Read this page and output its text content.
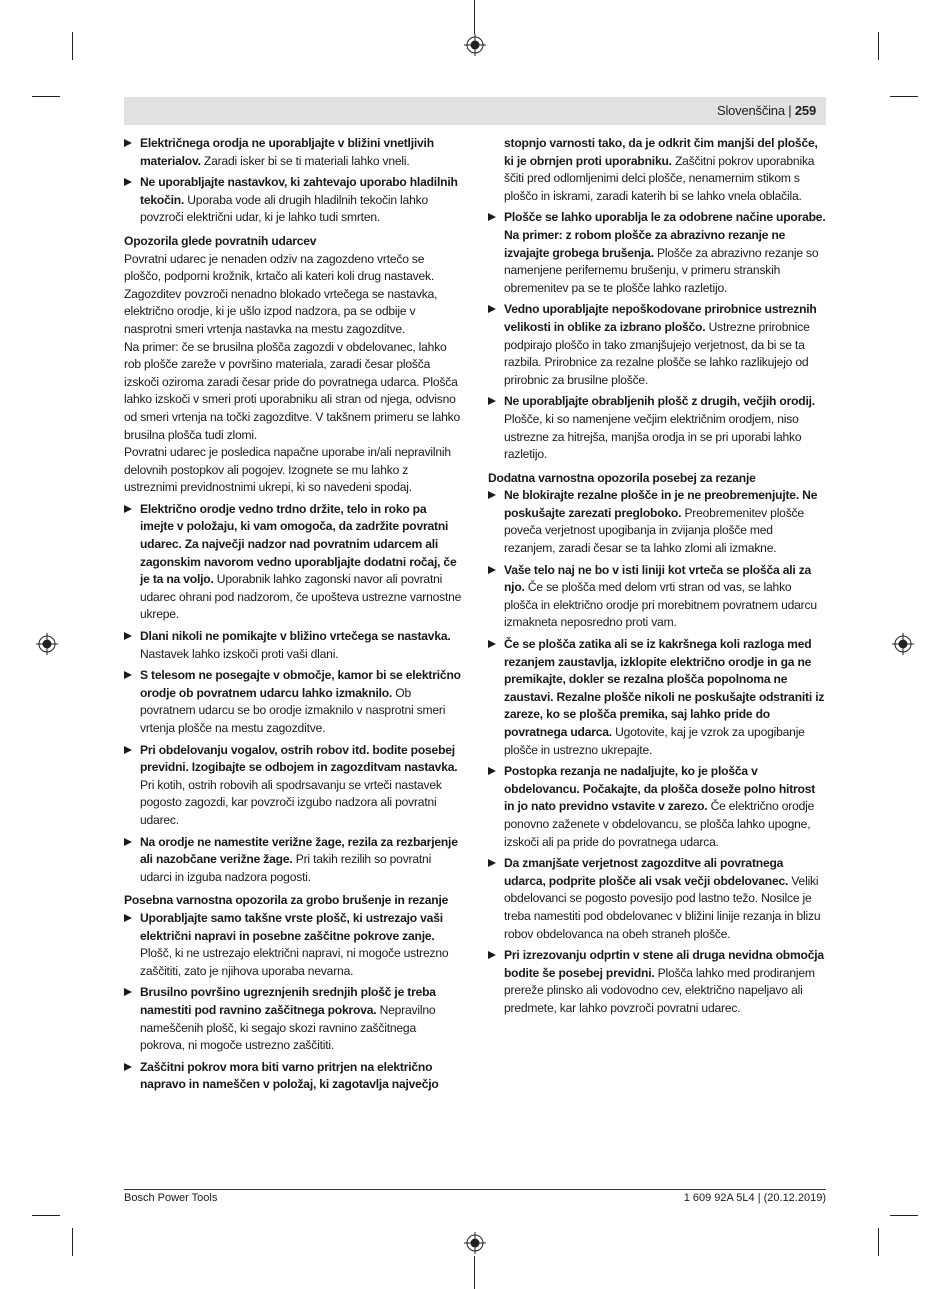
Slovenščina | 259
Električnega orodja ne uporabljajte v bližini vnetljivih materialov. Zaradi isker bi se ti materiali lahko vneli.
Ne uporabljajte nastavkov, ki zahtevajo uporabo hladilnih tekočin. Uporaba vode ali drugih hladilnih tekočin lahko povzroči električni udar, ki je lahko tudi smrten.

Opozorila glede povratnih udarcev

Povratni udarec je nenaden odziv na zagozdeno vrtečo se ploščo, podporni krožnik, krtačo ali kateri koli drug nastavek. Zagozditev povzroči nenadno blokado vrtečega se nastavka, električno orodje, ki je ušlo izpod nadzora, pa se odbije v nasprotni smeri vrtenja nastavka na mestu zagozditve.

Na primer: če se brusilna plošča zagozdi v obdelovanec, lahko rob plošče zareže v površino materiala, zaradi česar plošča izskoči oziroma zaradi česar pride do povratnega udarca. Plošča lahko izskoči v smeri proti uporabniku ali stran od njega, odvisno od smeri vrtenja na točki zagozditve. V takšnem primeru se lahko brusilna plošča tudi zlomi.

Povratni udarec je posledica napačne uporabe in/ali nepravilnih delovnih postopkov ali pogojev. Izognete se mu lahko z ustreznimi previdnostnimi ukrepi, ki so navedeni spodaj.

Električno orodje vedno trdno držite, telo in roko pa imejte v položaju, ki vam omogoča, da zadržite povratni udarec. Za največji nadzor nad povratnim udarcem ali zagonskim navorom vedno uporabljajte dodatni ročaj, če je ta na voljo. Uporabnik lahko zagonski navor ali povratni udarec ohrani pod nadzorom, če upošteva ustrezne varnostne ukrepe.
Dlani nikoli ne pomikajte v bližino vrtečega se nastavka. Nastavek lahko izskoči proti vaši dlani.
S telesom ne posegajte v območje, kamor bi se električno orodje ob povratnem udarcu lahko izmaknilo. Ob povratnem udarcu se bo orodje izmaknilo v nasprotni smeri vrtenja plošče na mestu zagozditve.
Pri obdelovanju vogalov, ostrih robov itd. bodite posebej previdni. Izogibajte se odbojem in zagozditvam nastavka. Pri kotih, ostrih robovih ali spodrsavanju se vrteči nastavek pogosto zagozdi, kar povzroči izgubo nadzora ali povratni udarec.
Na orodje ne namestite verižne žage, rezila za rezbarjenje ali nazobčane verižne žage. Pri takih rezilih so povratni udarci in izguba nadzora pogosti.

Posebna varnostna opozorila za grobo brušenje in rezanje

Uporabljajte samo takšne vrste plošč, ki ustrezajo vaši električni napravi in posebne zaščitne pokrove zanje. Plošč, ki ne ustrezajo električni napravi, ni mogoče ustrezno zaščititi, zato je njihova uporaba nevarna.
Brusilno površino ugreznjenih srednjih plošč je treba namestiti pod ravnino zaščitnega pokrova. Nepravilno nameščenih plošč, ki segajo skozi ravnino zaščitnega pokrova, ni mogoče ustrezno zaščititi.
Zaščitni pokrov mora biti varno pritrjen na električno napravo in nameščen v položaj, ki zagotavlja največjo

stopnjo varnosti tako, da je odkrit čim manjši del plošče, ki je obrnjen proti uporabniku. Zaščitni pokrov uporabnika ščiti pred odlomljenimi delci plošče, nenamernim stikom s ploščo in iskrami, zaradi katerih bi se lahko vnela oblačila.

Plošče se lahko uporablja le za odobrene načine uporabe. Na primer: z robom plošče za abrazivno rezanje ne izvajajte grobega brušenja. Plošče za abrazivno rezanje so namenjene perifernemu brušenju, v primeru stranskih obremenitev pa se te plošče lahko razletijo.
Vedno uporabljajte nepoškodovane prirobnice ustreznih velikosti in oblike za izbrano ploščo. Ustrezne prirobnice podpirajo ploščo in tako zmanjšujejo verjetnost, da bi se ta razbila. Prirobnice za rezalne plošče se lahko razlikujejo od prirobnic za brusilne plošče.
Ne uporabljajte obrabljenih plošč z drugih, večjih orodij. Plošče, ki so namenjene večjim električnim orodjem, niso ustrezne za hitrejša, manjša orodja in se pri uporabi lahko razletijo.

Dodatna varnostna opozorila posebej za rezanje

Ne blokirajte rezalne plošče in je ne preobremenjujte. Ne poskušajte zarezati pregloboko. Preobremenitev plošče poveča verjetnost upogibanja in zvijanja plošče med rezanjem, zaradi česar se ta lahko zlomi ali izmakne.
Vaše telo naj ne bo v isti liniji kot vrteča se plošča ali za njo. Če se plošča med delom vrti stran od vas, se lahko plošča in električno orodje pri morebitnem povratnem udarcu izmakneta neposredno proti vam.
Če se plošča zatika ali se iz kakršnega koli razloga med rezanjem zaustavlja, izklopite električno orodje in ga ne premikajte, dokler se rezalna plošča popolnoma ne zaustavi. Rezalne plošče nikoli ne poskušajte odstraniti iz zareze, ko se plošča premika, saj lahko pride do povratnega udarca. Ugotovite, kaj je vzrok za upogibanje plošče in ustrezno ukrepajte.
Postopka rezanja ne nadaljujte, ko je plošča v obdelovancu. Počakajte, da plošča doseže polno hitrost in jo nato previdno vstavite v zarezo. Če električno orodje ponovno zaženete v obdelovancu, se plošča lahko upogne, izskoči ali pa pride do povratnega udarca.
Da zmanjšate verjetnost zagozditve ali povratnega udarca, podprite plošče ali vsak večji obdelovanec. Veliki obdelovanci se pogosto povesijo pod lastno težo. Nosilce je treba namestiti pod obdelovanec v bližini linije rezanja in blizu robov obdelovanca na obeh straneh plošče.
Pri izrezovanju odprtin v stene ali druga nevidna območja bodite še posebej previdni. Plošča lahko med prodiranjem prereže plinsko ali vodovodno cev, električno napeljavo ali predmete, kar lahko povzroči povratni udarec.
Bosch Power Tools	1 609 92A 5L4 | (20.12.2019)
